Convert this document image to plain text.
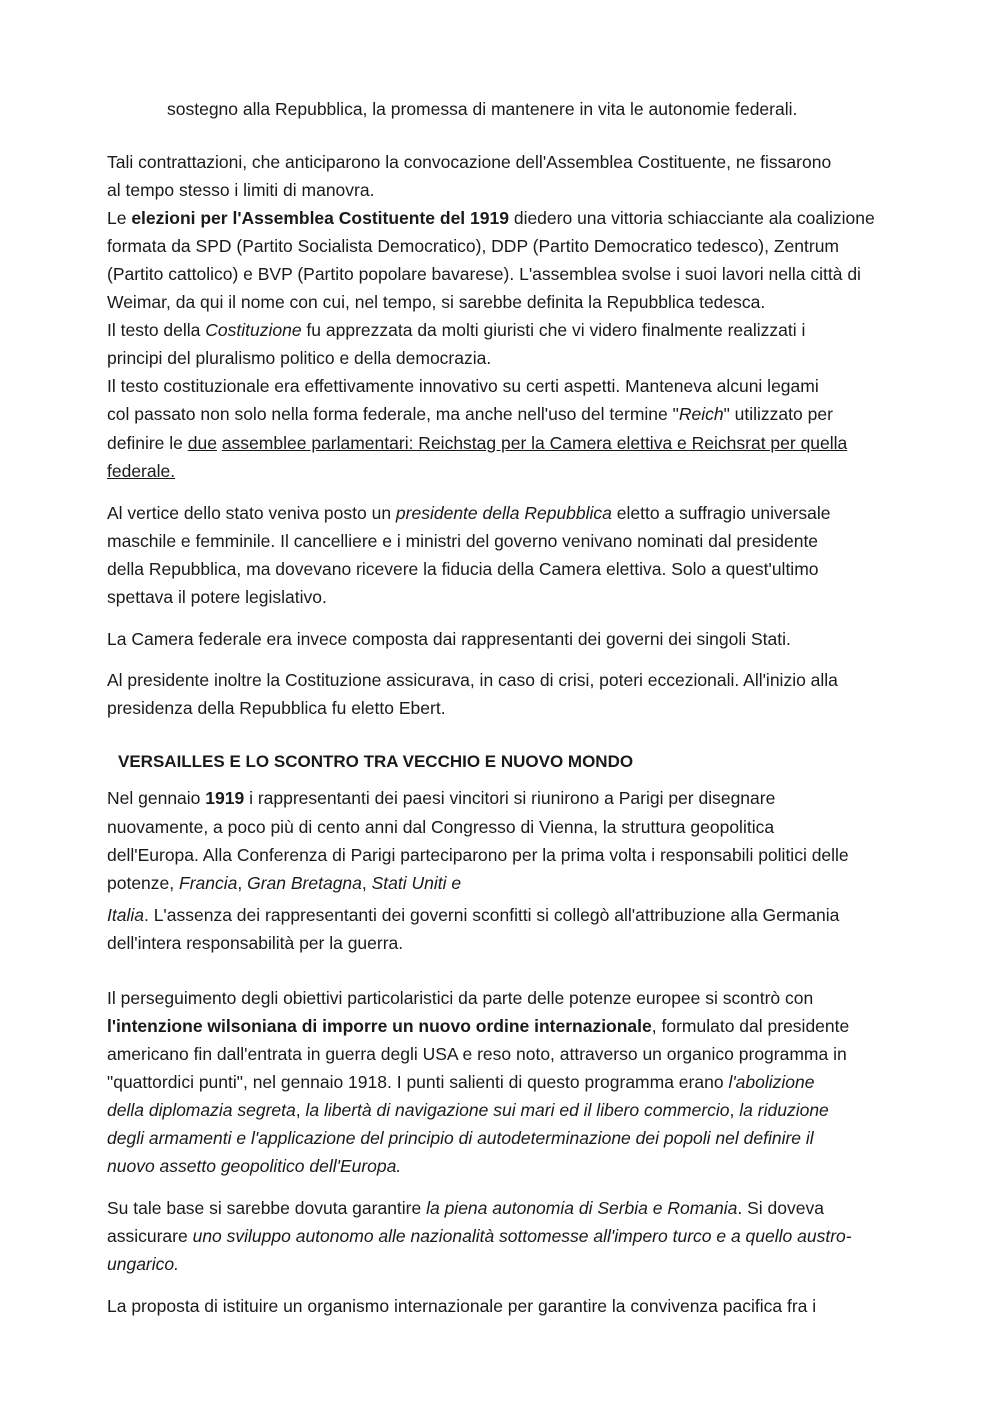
sostegno alla Repubblica, la promessa di mantenere in vita le autonomie federali.
Tali contrattazioni, che anticiparono la convocazione dell'Assemblea Costituente, ne fissarono
al tempo stesso i limiti di manovra.
Le elezioni per l'Assemblea Costituente del 1919 diedero una vittoria schiacciante ala coalizione
formata da SPD (Partito Socialista Democratico), DDP (Partito Democratico tedesco), Zentrum
(Partito cattolico) e BVP (Partito popolare bavarese). L'assemblea svolse i suoi lavori nella città di
Weimar, da qui il nome con cui, nel tempo, si sarebbe definita la Repubblica tedesca.
Il testo della Costituzione fu apprezzata da molti giuristi che vi videro finalmente realizzati i
principi del pluralismo politico e della democrazia.
Il testo costituzionale era effettivamente innovativo su certi aspetti. Manteneva alcuni legami
col passato non solo nella forma federale, ma anche nell'uso del termine "Reich" utilizzato per
definire le due assemblee parlamentari: Reichstag per la Camera elettiva e Reichsrat per quella
federale.
Al vertice dello stato veniva posto un presidente della Repubblica eletto a suffragio universale
maschile e femminile. Il cancelliere e i ministri del governo venivano nominati dal presidente
della Repubblica, ma dovevano ricevere la fiducia della Camera elettiva. Solo a quest'ultimo
spettava il potere legislativo.
La Camera federale era invece composta dai rappresentanti dei governi dei singoli Stati.
Al presidente inoltre la Costituzione assicurava, in caso di crisi, poteri eccezionali. All'inizio alla
presidenza della Repubblica fu eletto Ebert.
VERSAILLES E LO SCONTRO TRA VECCHIO E NUOVO MONDO
Nel gennaio 1919 i rappresentanti dei paesi vincitori si riunirono a Parigi per disegnare
nuovamente, a poco più di cento anni dal Congresso di Vienna, la struttura geopolitica
dell'Europa. Alla Conferenza di Parigi parteciparono per la prima volta i responsabili politici delle
potenze, Francia, Gran Bretagna, Stati Uniti e
Italia. L'assenza dei rappresentanti dei governi sconfitti si collegò all'attribuzione alla Germania
dell'intera responsabilità per la guerra.
Il perseguimento degli obiettivi particolaristici da parte delle potenze europee si scontrò con
l'intenzione wilsoniana di imporre un nuovo ordine internazionale, formulato dal presidente
americano fin dall'entrata in guerra degli USA e reso noto, attraverso un organico programma in
"quattordici punti", nel gennaio 1918. I punti salienti di questo programma erano l'abolizione
della diplomazia segreta, la libertà di navigazione sui mari ed il libero commercio, la riduzione
degli armamenti e l'applicazione del principio di autodeterminazione dei popoli nel definire il
nuovo assetto geopolitico dell'Europa.
Su tale base si sarebbe dovuta garantire la piena autonomia di Serbia e Romania. Si doveva
assicurare uno sviluppo autonomo alle nazionalità sottomesse all'impero turco e a quello austro-
ungarico.
La proposta di istituire un organismo internazionale per garantire la convivenza pacifica fra i
